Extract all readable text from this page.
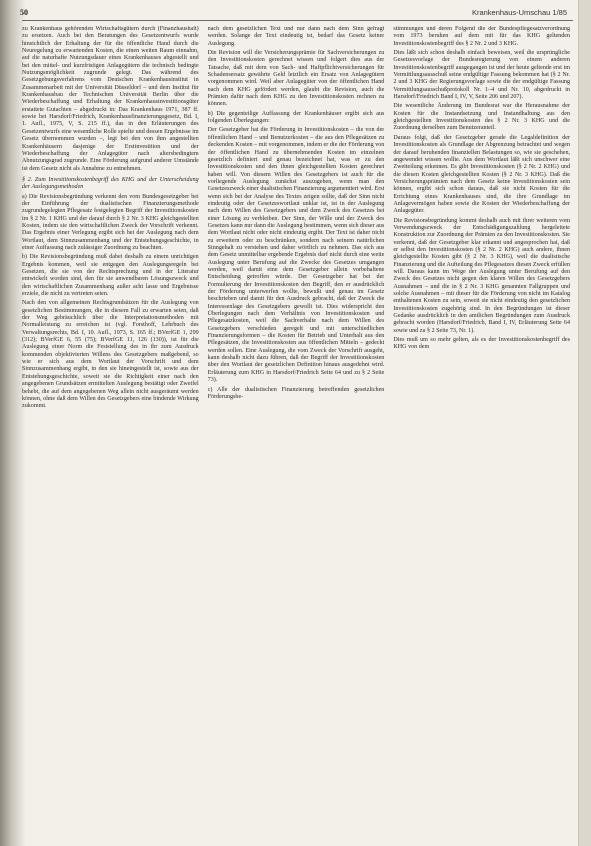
50	Krankenhaus-Umschau 1/85

zu Krankenhaus gehörenden Wirtschaftsgütern durch (Finanzhaushalt) zu ersetzen. Auch bei den Beratungen des Gesetzentwurfs wurde hinsichtlich der Erhaltung der für die öffentliche Hand durch die Neuregelung zu erwartenden Kosten, die einen weiten Raum einnahm, auf die naturhafte Nutzungsdauer eines Krankenhauses abgestellt und bei den mittel- und kurzfristigen Anlagegütern die technisch bedingte Nutzungsmöglichkeit zugrunde gelegt. Das während des Gesetzgebungsverfahrens vom Deutschen Krankenhausinstitut in Zusammenarbeit mit der Universität Düsseldorf – und dem Institut für Krankenhausbau der Technischen Universität Berlin über die Wiederbeschaffung und Erhaltung der Krankenhausinvestitionsgüter erstattete Gutachten – abgedruckt in: Das Krankenhaus 1971, 387 ff. sowie bei Harsdorf/Friedrich, Krankenhausfinanzierungsgesetz, Bd. I, 1. Aufl., 1975, V, S. 215 ff.), das in den Erläuterungen des Gesetzentwurfs eine wesentliche Rolle spielte und dessen Ergebnisse im Gesetz übernommen wurden –, legt bei den von ihm angestellten Krankenhäusern dasjenige der Erstinvestition und der Wiederbeschaffung der Anlagegüter nach altersbedingtem Abnutzungsgrad zugrunde. Eine Förderung aufgrund anderer Umstände ist dem Gesetz nicht als Annahme zu entnehmen.

§ 2. Zum Investitionskostenbegriff des KHG und der Unterscheidung der Auslegungsmethoden

a) Die Revisionsbegründung verkennt den vom Bundesgesetzgeber bei der Einführung der dualistischen Finanzierungsmethode zugrundegelegten Pflegesatz festgelegten Begriff der Investitionskosten im § 2 Nr. 1 KHG und der darauf durch § 2 Nr. 3 KHG gleichgestellten Kosten, indem sie den wirtschaftlichen Zweck der Vorschrift verkennt. Das Ergebnis einer Verlegung ergibt sich bei der Auslegung nach dem Wortlaut, dem Sinnzusammenhang und der Entstehungsgeschichte, in einer Auffassung nach zulässiger Zuordnung zu beachten.

b) Die Revisionsbegründung muß dabei deshalb zu einem unrichtigen Ergebnis kommen, weil sie entgegen den Auslegungsregeln bei Gesetzen, die sie von der Rechtsprechung und in der Literatur entwickelt worden sind, den für sie anwendbaren Lösungszweck und den wirtschaftlichen Zusammenhang außer acht lasse und Ergebnisse erziele, die nicht zu vertreten seien.

Nach den von allgemeinen Rechtsgrundsätzen für die Auslegung von gesetzlichen Bestimmungen, die in diesem Fall zu erwarten seien, daß der Weg gebräuchlich über die Interpretationsmethoden mit Normalleistung zu erreichen ist (vgl. Forsthoff, Lehrbuch des Verwaltungsrechts, Bd. I, 10. Aufl., 1973, S. 165 ff.; BVerfGE 1, 299 (312); BVerfGE 6, 55 (75); BVerfGE 11, 126 (130)), ist für die Auslegung einer Norm die Feststellung des in ihr zum Ausdruck kommenden objektivierten Willens des Gesetzgebers maßgebend, so wie er sich aus dem Wortlaut der Vorschrift und dem Sinnzusammenhang ergibt, in den sie hineingestellt ist, sowie aus der Entstehungsgeschichte, soweit sie die Richtigkeit einer nach den angegebenen Grundsätzen ermittelten Auslegung bestätigt oder Zweifel behebt, die auf dem angegebenen Weg allein nicht ausgeräumt werden können, ohne daß dem Willen des Gesetzgebers eine bindende Wirkung zukommt.

nach dem gesetzlichen Text und nur dann nach dem Sinn gefragt werden. Solange der Text eindeutig ist, bedarf das Gesetz keiner Auslegung.

Die Revision will die Versicherungsprämie für Sachversicherungen zu den Investitionskosten gerechnet wissen und folgert dies aus der Tatsache, daß mit dem von Sach- und Haftpflichtversicherungen für Schadensersatz gewährte Geld letztlich ein Ersatz von Anlagegütern vorgenommen wird. Weil aber Anlagegüter von der öffentlichen Hand nach dem KHG gefördert werden, glaubt die Revision, auch die Prämien dafür nach dem KHG zu den Investitionskosten rechnen zu können.

b) Die gegenteilige Auffassung der Krankenhäuser ergibt sich aus folgenden Überlegungen:

Der Gesetzgeber hat die Förderung in Investitionskosten – die von der öffentlichen Hand – und Benutzerkosten – die aus den Pflegesätzen zu deckenden Kosten – mit vorgenommen, indem er die der Förderung von der öffentlichen Hand zu übernehmenden Kosten im einzelnen gesetzlich definiert und genau bezeichnet hat, was er zu den Investitionskosten und den ihnen gleichgestellten Kosten gerechnet haben will. Von diesem Willen des Gesetzgebers ist auch für die vorliegende Auslegung zunächst auszugehen, wenn man den Gesetzeszweck einer dualistischen Finanzierung argumentiert wird. Erst wenn sich bei der Analyse des Textes zeigen sollte, daß der Sinn nicht eindeutig oder der Gesetzeswortlaut unklar ist, ist in der Auslegung nach dem Willen des Gesetzgebers und dem Zweck des Gesetzes bei einer Lösung zu verbleiben. Der Sinn, der Wille und der Zweck des Gesetzes kann nur dann die Auslegung bestimmen, wenn sich dieser aus dem Wortlaut nicht oder nicht eindeutig ergibt. Der Text ist daher nicht zu erweitern oder zu beschränken, sondern nach seinem natürlichen Sinngehalt zu verstehen und daher wörtlich zu nehmen. Das sich aus dem Gesetz unmittelbar ergebende Ergebnis darf nicht durch eine weite Auslegung unter Berufung auf die Zwecke des Gesetzes umgangen werden, weil damit eine dem Gesetzgeber allein vorbehaltene Entscheidung getroffen würde. Der Gesetzgeber hat bei der Formulierung der Investitionskosten den Begriff, den er ausdrücklich der Förderung unterwerfen wollte, bewußt und genau im Gesetz beschrieben und damit für den Ausdruck gebracht, daß der Zweck die Interessenlage des Gesetzgebers gewollt ist. Dies widerspricht den Überlegungen nach dem Verhältnis von Investitionskosten und Pflegesatzkosten, weil die Sachverhalte nach dem Willen des Gesetzgebers verschieden geregelt und mit unterschiedlichen Finanzierungsformen – die Kosten für Betrieb und Unterhalt aus den Pflegesätzen, die Investitionskosten aus öffentlichen Mitteln – gedeckt werden sollen. Eine Auslegung, die vom Zweck der Vorschrift ausgeht, kann deshalb nicht dazu führen, daß der Begriff der Investitionskosten über den Wortlaut der gesetzlichen Definition hinaus ausgedehnt wird. Erläuterung zum KHG in Harsdorf/Friedrich Seite 64 und zu § 2 Seite 73).

c) Alle der dualistischen Finanzierung betreffenden gesetzlichen Förderungsbe-

stimmungen und deren Folgend die der Bundespflegesatzverordnung vom 1973 beruhen auf dem mit für das KHG geltenden Investitionskostenbegriff des § 2 Nr. 2 und 3 KHG.

Dies läßt sich schon deshalb einfach beweisen, weil die ursprüngliche Gesetzesvorlage der Bundesregierung von einem anderen Investitionskostenbegriff ausgegangen ist und der heute geltende erst im Vermittlungsausschuß seine endgültige Fassung bekommen hat (§ 2 Nr. 2 und 3 KHG der Regierungsvorlage sowie die der endgültige Fassung Vermittlungsausschußprotokoll Nr. 1–4 und Nr. 10, abgedruckt in Harsdorf/Friedrich Band I, IV, V, Seite 206 und 207).

Die wesentliche Änderung im Bundesrat war die Herausnahme der Kosten für die Instandsetzung und Instandhaltung aus den gleichgestellten Investitionskosten des § 2 Nr. 3 KHG und die Zuordnung derselben zum Benutzeranteil.

Daraus folgt, daß der Gesetzgeber gerade die Legaldefinition der Investitionskosten als Grundlage der Abgrenzung betrachtet und wegen der darauf beruhenden finanziellen Belastungen so, wie sie geschehen, angewendet wissen wollte. Aus dem Wortlaut läßt sich unschwer eine Zweiteilung erkennen. Es gibt Investitionskosten (§ 2 Nr. 2 KHG) und die diesen Kosten gleichgestellten Kosten (§ 2 Nr. 3 KHG). Daß die Versicherungsprämien nach dem Gesetz keine Investitionskosten sein können, ergibt sich schon daraus, daß sie nicht Kosten für die Errichtung eines Krankenhauses sind, die ihre Grundlage im Anlagevermögen haben sowie die Kosten der Wiederbeschaffung der Anlagegüter.

Die Revisionsbegründung kommt deshalb auch mit ihrer weiteren vom Verwendungszweck der Entschädigungszahlung hergeleitete Konstruktion zur Zuordnung der Prämien zu den Investitionskosten. Sie verkennt, daß der Gesetzgeber klar erkannt und angesprochen hat, daß er selbst den Investitionskosten (§ 2 Nr. 2 KHG) auch andere, ihnen gleichgestellte Kosten gibt (§ 2 Nr. 3 KHG), weil die dualistische Finanzierung und die Aufteilung des Pflegesatzes diesen Zweck erfüllen will. Daraus kann im Wege der Auslegung unter Berufung auf den Zweck des Gesetzes nicht gegen den klaren Willen des Gesetzgebers Ausnahmen – und die in § 2 Nr. 3 KHG genannten Fallgruppen und solche Ausnahmen – mit dieser für die Förderung von nicht im Katalog enthaltenen Kosten zu sein, soweit sie nicht eindeutig den gesetzlichen Investitionskosten zugehörig sind. In den Begründungen ist dieser Gedanke ausdrücklich in den amtlichen Begründungen zum Ausdruck gebracht worden (Harsdorf/Friedrich, Band I, IV, Erläuterung Seite 64 sowie und zu § 2 Seite 73, Nr. 1).

Dies muß um so mehr gelten, als es der Investitionskostenbegriff des KHG von dem
